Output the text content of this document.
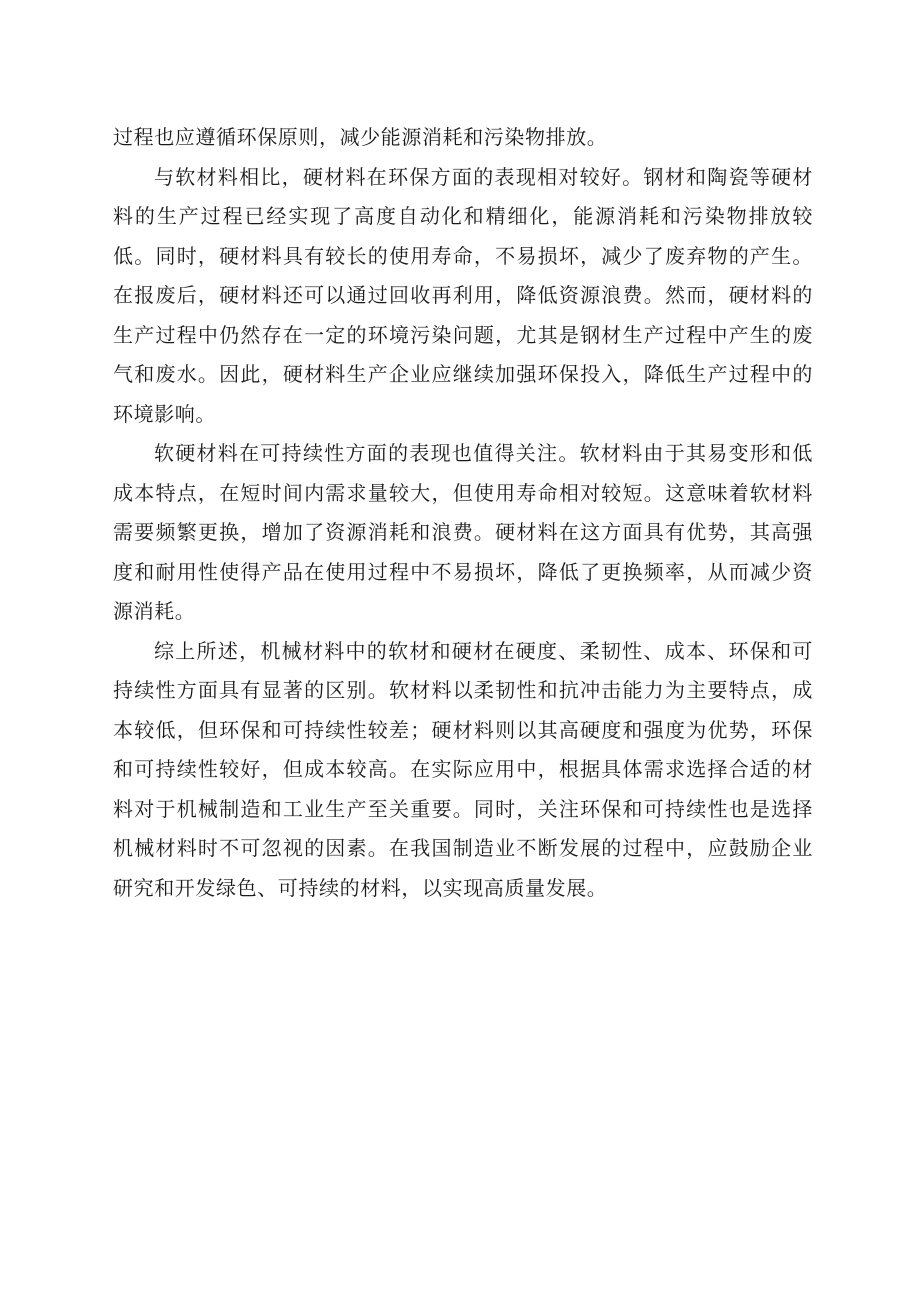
过程也应遵循环保原则，减少能源消耗和污染物排放。

与软材料相比，硬材料在环保方面的表现相对较好。钢材和陶瓷等硬材料的生产过程已经实现了高度自动化和精细化，能源消耗和污染物排放较低。同时，硬材料具有较长的使用寿命，不易损坏，减少了废弃物的产生。在报废后，硬材料还可以通过回收再利用，降低资源浪费。然而，硬材料的生产过程中仍然存在一定的环境污染问题，尤其是钢材生产过程中产生的废气和废水。因此，硬材料生产企业应继续加强环保投入，降低生产过程中的环境影响。

软硬材料在可持续性方面的表现也值得关注。软材料由于其易变形和低成本特点，在短时间内需求量较大，但使用寿命相对较短。这意味着软材料需要频繁更换，增加了资源消耗和浪费。硬材料在这方面具有优势，其高强度和耐用性使得产品在使用过程中不易损坏，降低了更换频率，从而减少资源消耗。

综上所述，机械材料中的软材和硬材在硬度、柔韧性、成本、环保和可持续性方面具有显著的区别。软材料以柔韧性和抗冲击能力为主要特点，成本较低，但环保和可持续性较差；硬材料则以其高硬度和强度为优势，环保和可持续性较好，但成本较高。在实际应用中，根据具体需求选择合适的材料对于机械制造和工业生产至关重要。同时，关注环保和可持续性也是选择机械材料时不可忽视的因素。在我国制造业不断发展的过程中，应鼓励企业研究和开发绿色、可持续的材料，以实现高质量发展。
